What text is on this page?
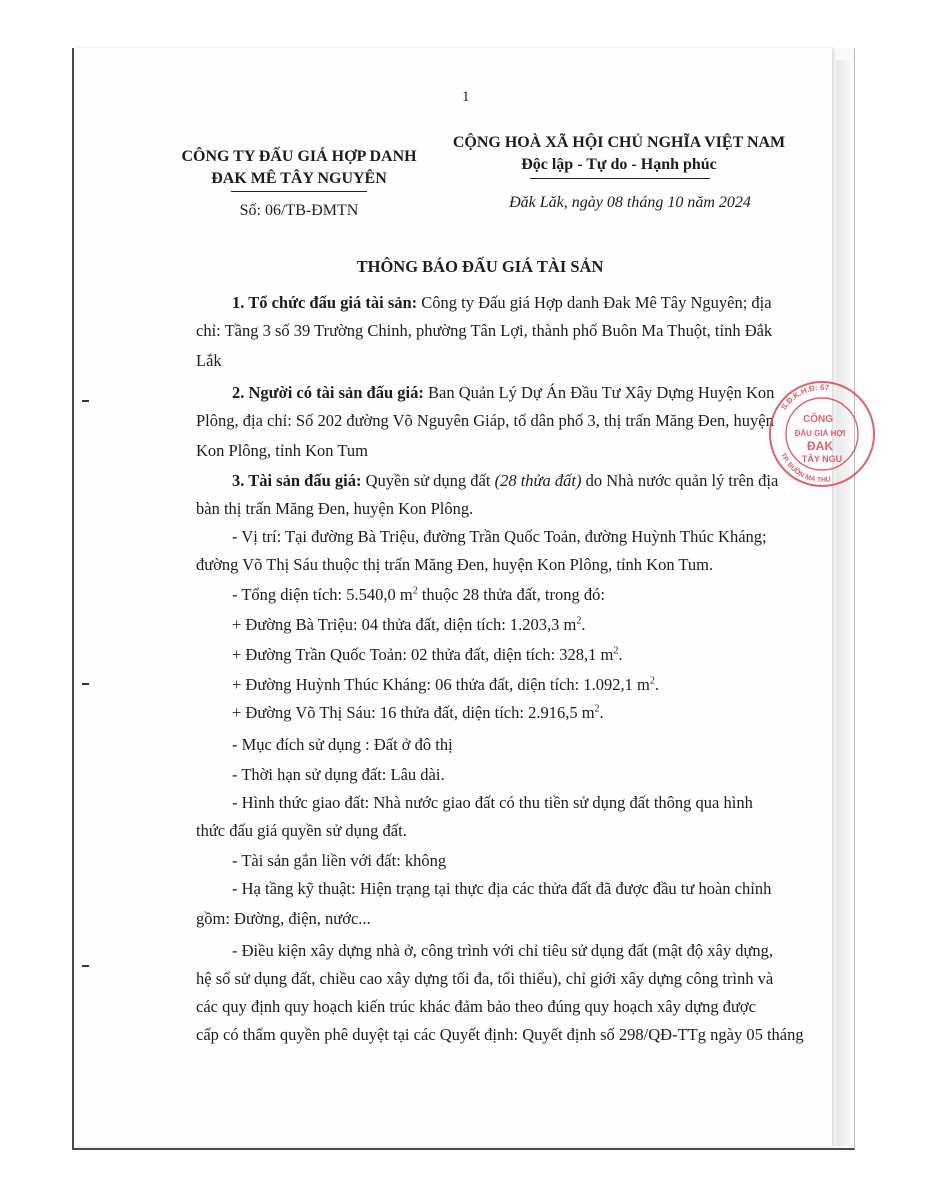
1
CÔNG TY ĐẤU GIÁ HỢP DANH
ĐAK MÊ TÂY NGUYÊN
Số: 06/TB-ĐMTN
CỘNG HOÀ XÃ HỘI CHỦ NGHĨA VIỆT NAM
Độc lập - Tự do - Hạnh phúc
Đăk Lăk, ngày 08 tháng 10 năm 2024
THÔNG BÁO ĐẤU GIÁ TÀI SẢN
1. Tổ chức đấu giá tài sản: Công ty Đấu giá Hợp danh Đak Mê Tây Nguyên; địa
chỉ: Tầng 3 số 39 Trường Chinh, phường Tân Lợi, thành phố Buôn Ma Thuột, tỉnh Đắk
Lắk
2. Người có tài sản đấu giá: Ban Quản Lý Dự Án Đầu Tư Xây Dựng Huyện Kon
Plông, địa chỉ: Số 202 đường Võ Nguyên Giáp, tổ dân phố 3, thị trấn Măng Đen, huyện
Kon Plông, tỉnh Kon Tum
3. Tài sản đấu giá: Quyền sử dụng đất (28 thửa đất) do Nhà nước quản lý trên địa
bàn thị trấn Măng Đen, huyện Kon Plông.
- Vị trí: Tại đường Bà Triệu, đường Trần Quốc Toản, đường Huỳnh Thúc Kháng;
đường Võ Thị Sáu thuộc thị trấn Măng Đen, huyện Kon Plông, tỉnh Kon Tum.
- Tổng diện tích: 5.540,0 $m^2$ thuộc 28 thửa đất, trong đó:
+ Đường Bà Triệu: 04 thửa đất, diện tích: 1.203,3 $m^2$.
+ Đường Trần Quốc Toản: 02 thửa đất, diện tích: 328,1 $m^2$.
+ Đường Huỳnh Thúc Kháng: 06 thửa đất, diện tích: 1.092,1 $m^2$.
+ Đường Võ Thị Sáu: 16 thửa đất, diện tích: 2.916,5 $m^2$.
- Mục đích sử dụng : Đất ở đô thị
- Thời hạn sử dụng đất: Lâu dài.
- Hình thức giao đất: Nhà nước giao đất có thu tiền sử dụng đất thông qua hình
thức đấu giá quyền sử dụng đất.
- Tài sản gắn liền với đất: không
- Hạ tầng kỹ thuật: Hiện trạng tại thực địa các thửa đất đã được đầu tư hoàn chỉnh
gồm: Đường, điện, nước...
- Điều kiện xây dựng nhà ở, công trình với chỉ tiêu sử dụng đất (mật độ xây dựng,
hệ số sử dụng đất, chiều cao xây dựng tối đa, tối thiểu), chỉ giới xây dựng công trình và
các quy định quy hoạch kiến trúc khác đảm bảo theo đúng quy hoạch xây dựng được
cấp có thẩm quyền phê duyệt tại các Quyết định: Quyết định số 298/QĐ-TTg ngày 05 tháng
S.Đ.K.H.Đ: 67
TP. BUÔN MA THU
CÔNG
ĐẤU GIÁ HỢI
ĐAK
TÂY NGU
